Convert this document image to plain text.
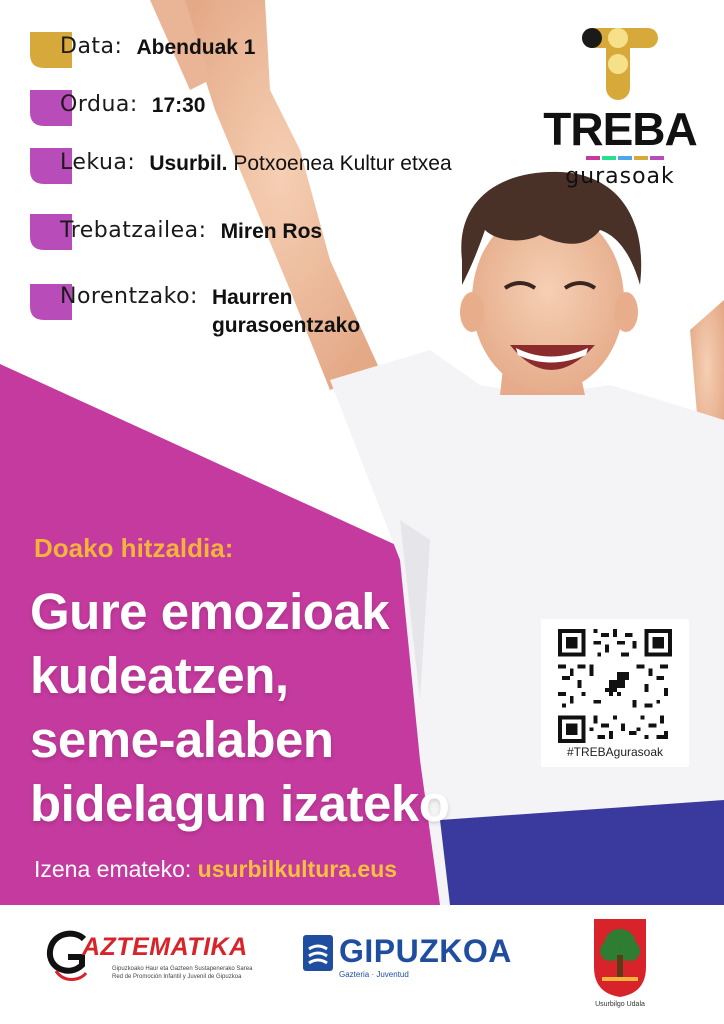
Data: Abenduak 1
Ordua: 17:30
Lekua: Usurbil. Potxoenea Kultur etxea
Trebatzailea: Miren Ros
Norentzako: Haurren
gurasoentzako
TREBA
gurasoak
Doako hitzaldia:
Gure emozioak
kudeatzen,
seme-alaben
bidelagun izateko
Izena emateko: usurbilkultura.eus
#TREBAgurasoak
AZTEMATIKA
Gipuzkoako Haur eta Gazteen Sustapenerako Sarea
Red de Promoción Infantil y Juvenil de Gipuzkoa
GIPUZKOA
Gazteria · Juventud
Usurbilgo Udala
